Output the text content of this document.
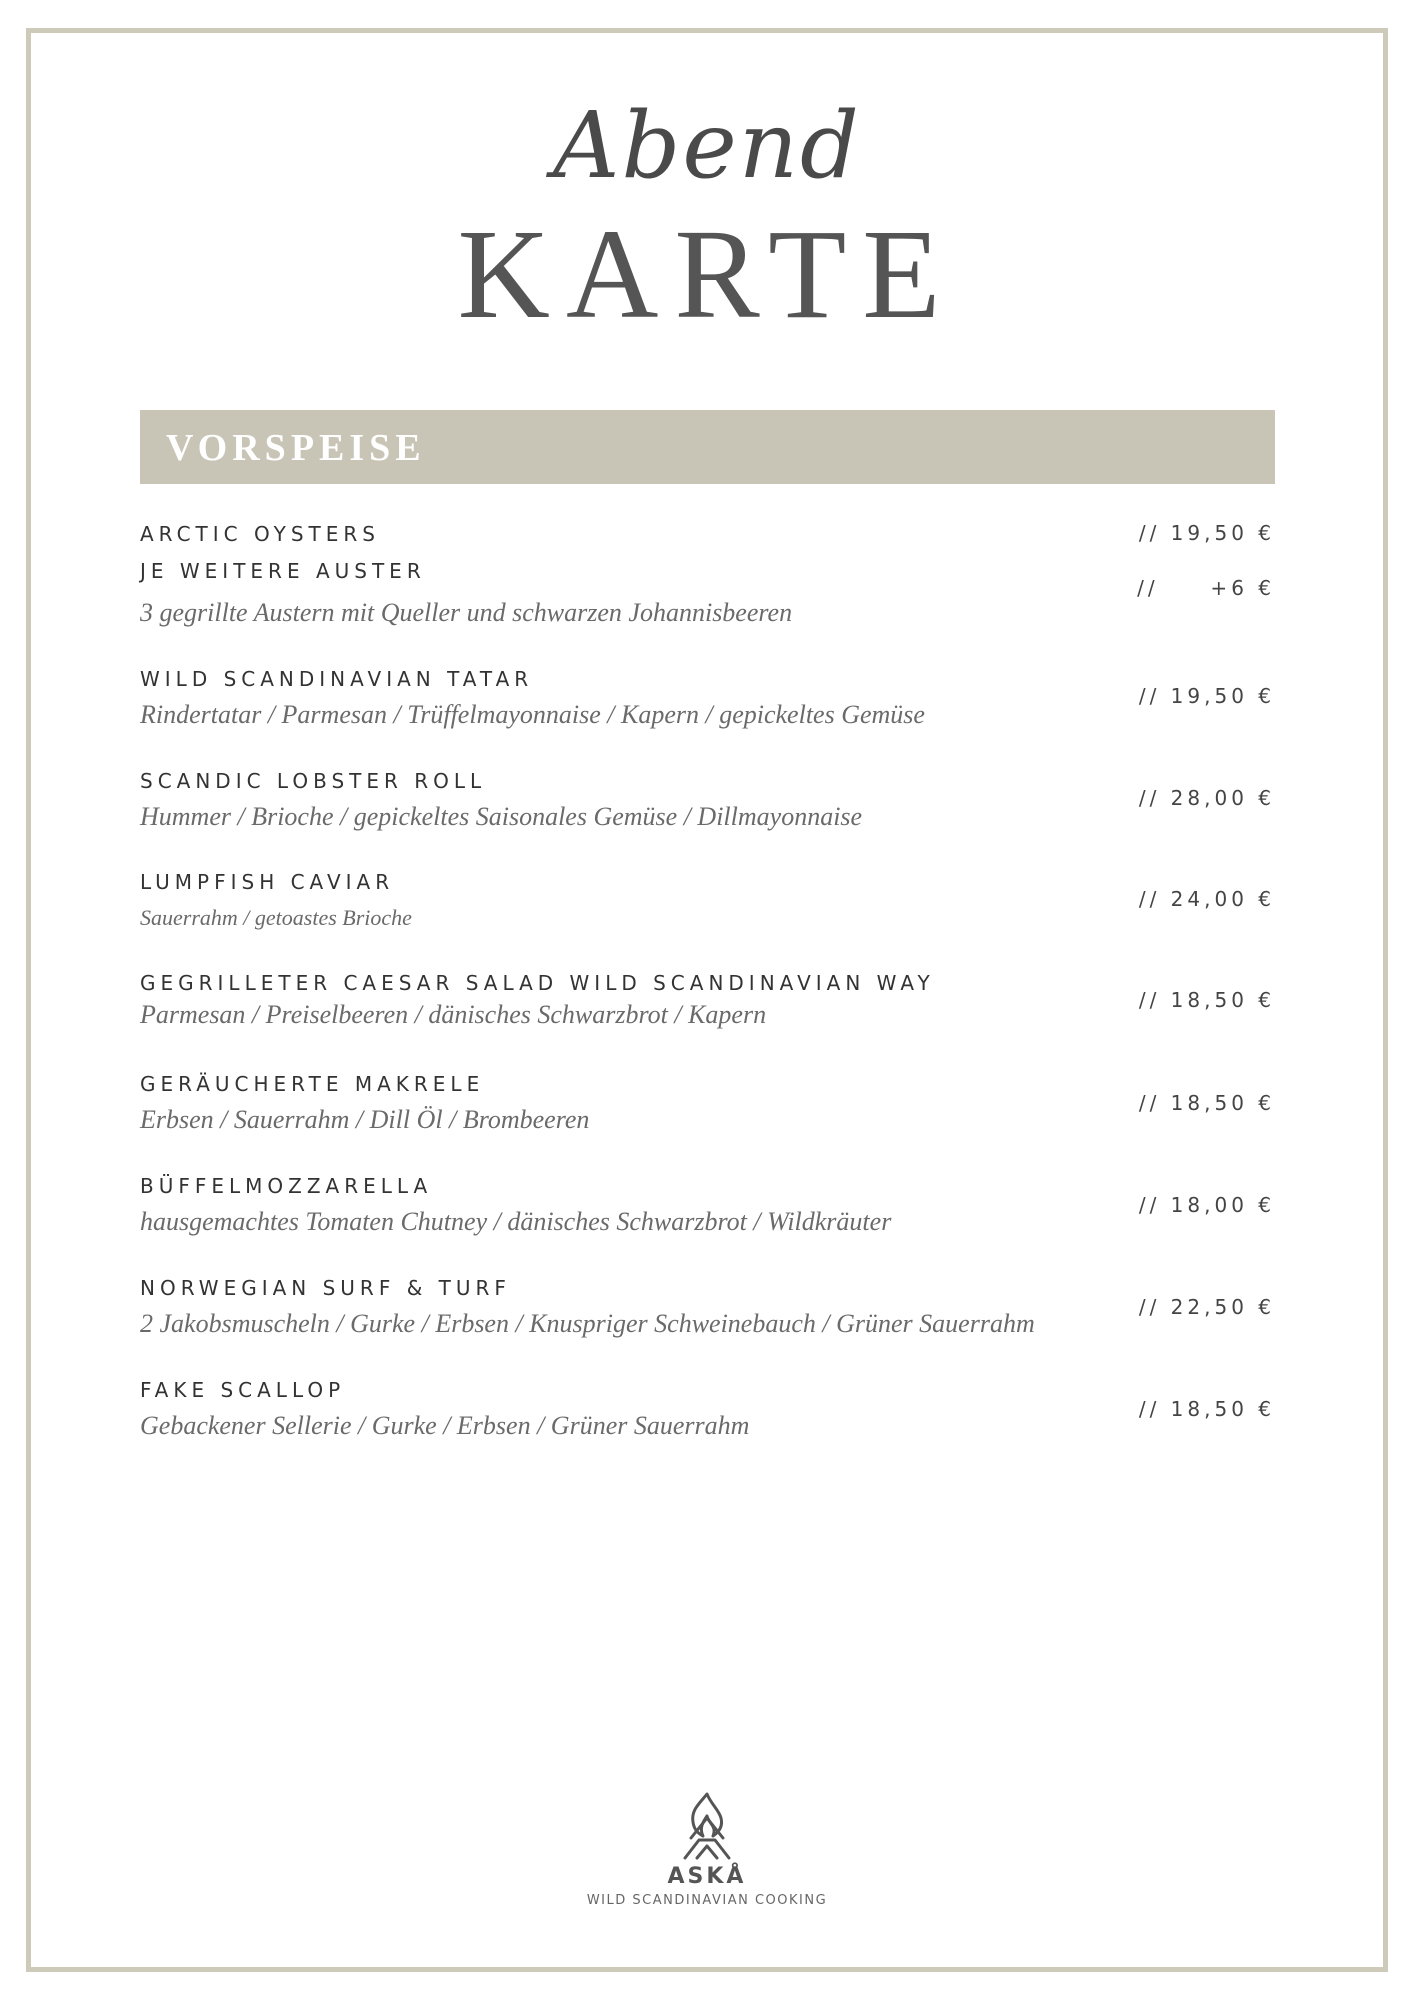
Abend
KARTE
VORSPEISE
ARCTIC OYSTERS	// 19,50 €
JE WEITERE AUSTER
3 gegrillte Austern mit Queller und schwarzen Johannisbeeren
//     +6 €
WILD SCANDINAVIAN TATAR
Rindertatar / Parmesan / Trüffelmayonnaise / Kapern / gepickeltes Gemüse
// 19,50 €
SCANDIC LOBSTER ROLL
Hummer / Brioche / gepickeltes Saisonales Gemüse / Dillmayonnaise
// 28,00 €
LUMPFISH CAVIAR
Sauerrahm / getoastes Brioche
// 24,00 €
GEGRILLETER CAESAR SALAD WILD SCANDINAVIAN WAY
Parmesan / Preiselbeeren / dänisches Schwarzbrot / Kapern	// 18,50 €
GERÄUCHERTE MAKRELE
Erbsen / Sauerrahm / Dill Öl / Brombeeren
// 18,50 €
BÜFFELMOZZARELLA
hausgemachtes Tomaten Chutney / dänisches Schwarzbrot / Wildkräuter
// 18,00 €
NORWEGIAN SURF & TURF
2 Jakobsmuscheln / Gurke / Erbsen / Knuspriger Schweinebauch / Grüner Sauerrahm
// 22,50 €
FAKE SCALLOP
Gebackener Sellerie / Gurke / Erbsen / Grüner Sauerrahm
// 18,50 €
ASKÅ
WILD SCANDINAVIAN COOKING
